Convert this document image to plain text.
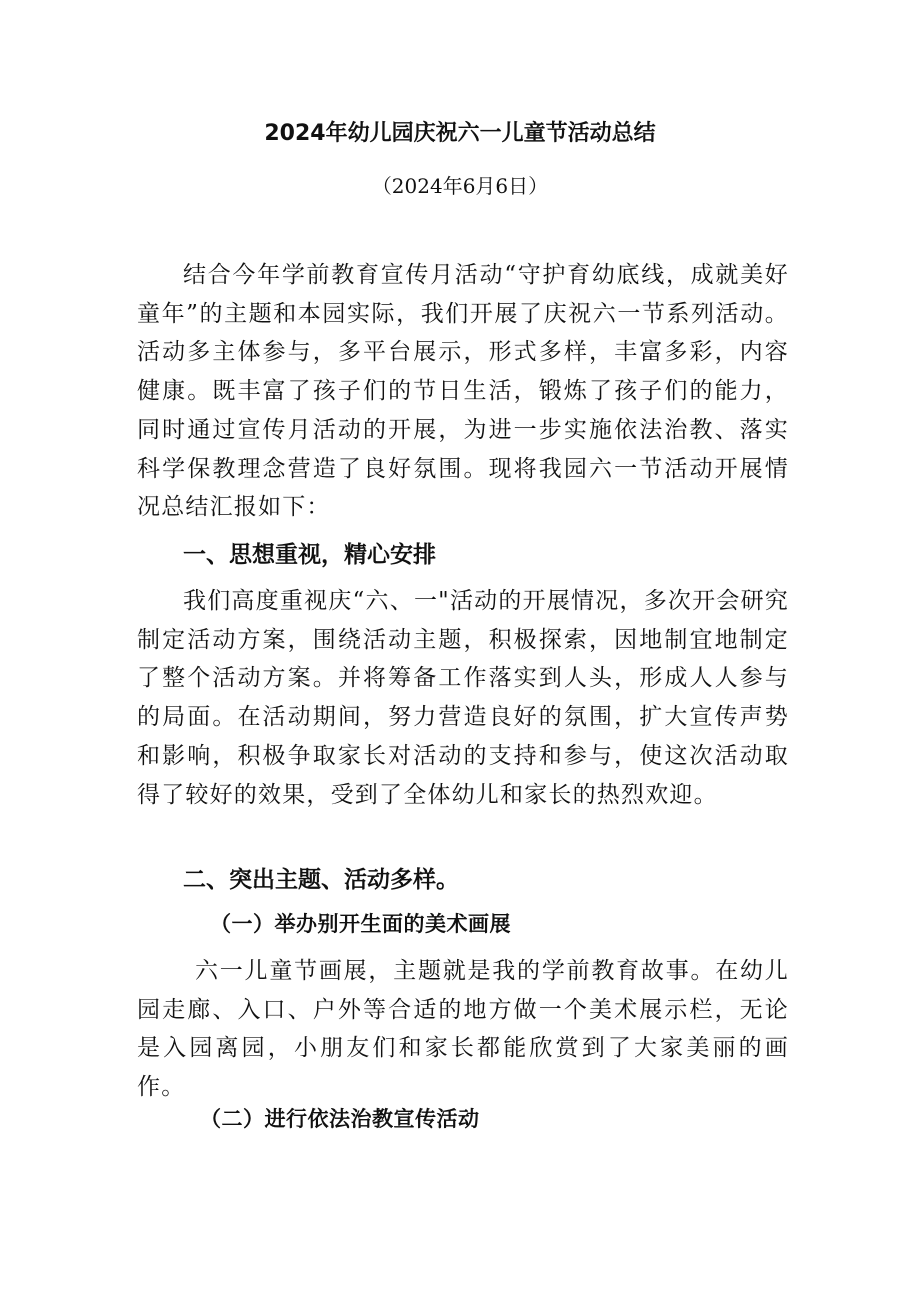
2024年幼儿园庆祝六一儿童节活动总结

（2024年6月6日）

结合今年学前教育宣传月活动“守护育幼底线，成就美好童年”的主题和本园实际，我们开展了庆祝六一节系列活动。活动多主体参与，多平台展示，形式多样，丰富多彩，内容健康。既丰富了孩子们的节日生活，锻炼了孩子们的能力，同时通过宣传月活动的开展，为进一步实施依法治教、落实科学保教理念营造了良好氛围。现将我园六一节活动开展情况总结汇报如下：

一、思想重视，精心安排

我们高度重视庆“六、一"活动的开展情况，多次开会研究制定活动方案，围绕活动主题，积极探索，因地制宜地制定了整个活动方案。并将筹备工作落实到人头，形成人人参与的局面。在活动期间，努力营造良好的氛围，扩大宣传声势和影响，积极争取家长对活动的支持和参与，使这次活动取得了较好的效果，受到了全体幼儿和家长的热烈欢迎。

二、突出主题、活动多样。
（一）举办别开生面的美术画展

六一儿童节画展，主题就是我的学前教育故事。在幼儿园走廊、入口、户外等合适的地方做一个美术展示栏，无论是入园离园，小朋友们和家长都能欣赏到了大家美丽的画作。

（二）进行依法治教宣传活动
